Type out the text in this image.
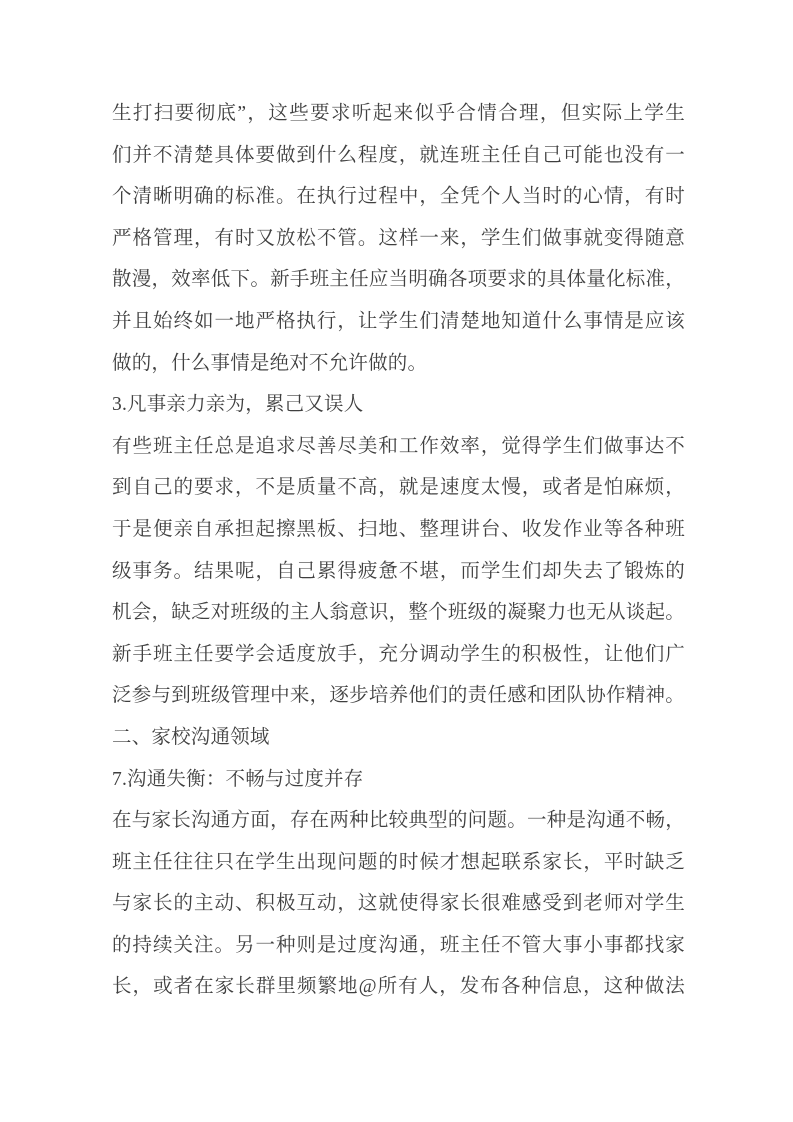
生打扫要彻底”，这些要求听起来似乎合情合理，但实际上学生
们并不清楚具体要做到什么程度，就连班主任自己可能也没有一
个清晰明确的标准。在执行过程中，全凭个人当时的心情，有时
严格管理，有时又放松不管。这样一来，学生们做事就变得随意
散漫，效率低下。新手班主任应当明确各项要求的具体量化标准，
并且始终如一地严格执行，让学生们清楚地知道什么事情是应该
做的，什么事情是绝对不允许做的。
3.凡事亲力亲为，累己又误人
有些班主任总是追求尽善尽美和工作效率，觉得学生们做事达不
到自己的要求，不是质量不高，就是速度太慢，或者是怕麻烦，
于是便亲自承担起擦黑板、扫地、整理讲台、收发作业等各种班
级事务。结果呢，自己累得疲惫不堪，而学生们却失去了锻炼的
机会，缺乏对班级的主人翁意识，整个班级的凝聚力也无从谈起。
新手班主任要学会适度放手，充分调动学生的积极性，让他们广
泛参与到班级管理中来，逐步培养他们的责任感和团队协作精神。
二、家校沟通领域
7.沟通失衡：不畅与过度并存
在与家长沟通方面，存在两种比较典型的问题。一种是沟通不畅，
班主任往往只在学生出现问题的时候才想起联系家长，平时缺乏
与家长的主动、积极互动，这就使得家长很难感受到老师对学生
的持续关注。另一种则是过度沟通，班主任不管大事小事都找家
长，或者在家长群里频繁地@所有人，发布各种信息，这种做法
